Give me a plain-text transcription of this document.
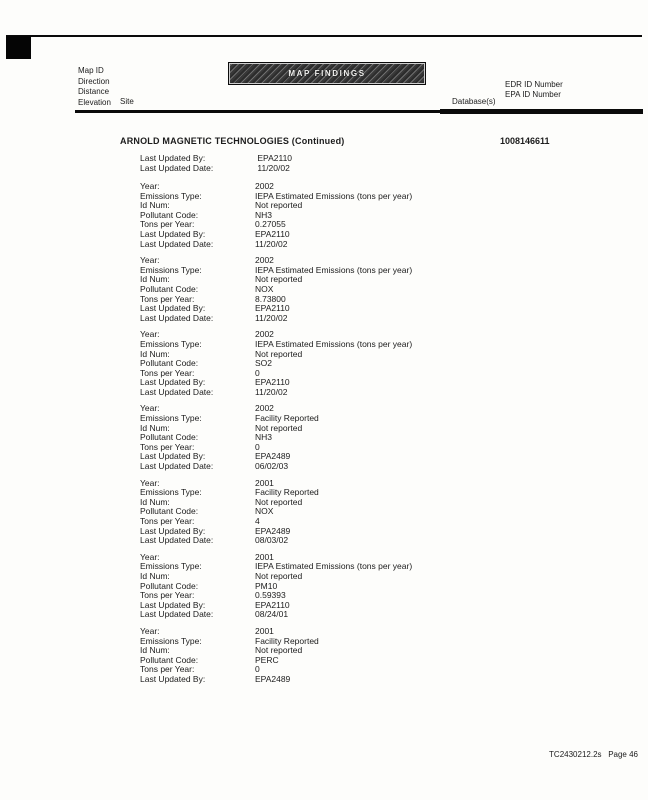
Map ID
Direction
Distance
Elevation Site
MAP FINDINGS
Database(s)
EDR ID Number
EPA ID Number
ARNOLD MAGNETIC TECHNOLOGIES (Continued)	1008146611
Last Updated By:	EPA2110
Last Updated Date:	11/20/02
Year:	2002
Emissions Type:	IEPA Estimated Emissions (tons per year)
Id Num:	Not reported
Pollutant Code:	NH3
Tons per Year:	0.27055
Last Updated By:	EPA2110
Last Updated Date:	11/20/02
Year:	2002
Emissions Type:	IEPA Estimated Emissions (tons per year)
Id Num:	Not reported
Pollutant Code:	NOX
Tons per Year:	8.73800
Last Updated By:	EPA2110
Last Updated Date:	11/20/02
Year:	2002
Emissions Type:	IEPA Estimated Emissions (tons per year)
Id Num:	Not reported
Pollutant Code:	SO2
Tons per Year:	0
Last Updated By:	EPA2110
Last Updated Date:	11/20/02
Year:	2002
Emissions Type:	Facility Reported
Id Num:	Not reported
Pollutant Code:	NH3
Tons per Year:	0
Last Updated By:	EPA2489
Last Updated Date:	06/02/03
Year:	2001
Emissions Type:	Facility Reported
Id Num:	Not reported
Pollutant Code:	NOX
Tons per Year:	4
Last Updated By:	EPA2489
Last Updated Date:	08/03/02
Year:	2001
Emissions Type:	IEPA Estimated Emissions (tons per year)
Id Num:	Not reported
Pollutant Code:	PM10
Tons per Year:	0.59393
Last Updated By:	EPA2110
Last Updated Date:	08/24/01
Year:	2001
Emissions Type:	Facility Reported
Id Num:	Not reported
Pollutant Code:	PERC
Tons per Year:	0
Last Updated By:	EPA2489
TC2430212.2s   Page 46
